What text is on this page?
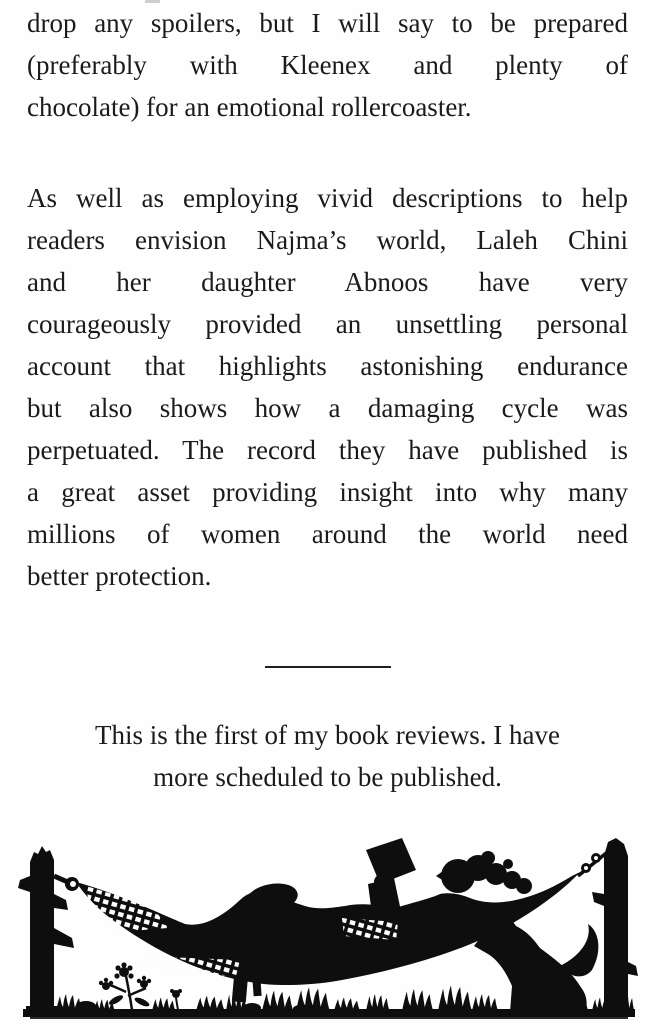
drop any spoilers, but I will say to be prepared
(preferably with Kleenex and plenty of
chocolate) for an emotional rollercoaster.
As well as employing vivid descriptions to help
readers envision Najma’s world, Laleh Chini
and her daughter Abnoos have very
courageously provided an unsettling personal
account that highlights astonishing endurance
but also shows how a damaging cycle was
perpetuated. The record they have published is
a great asset providing insight into why many
millions of women around the world need
better protection.
This is the first of my book reviews. I have
more scheduled to be published.
